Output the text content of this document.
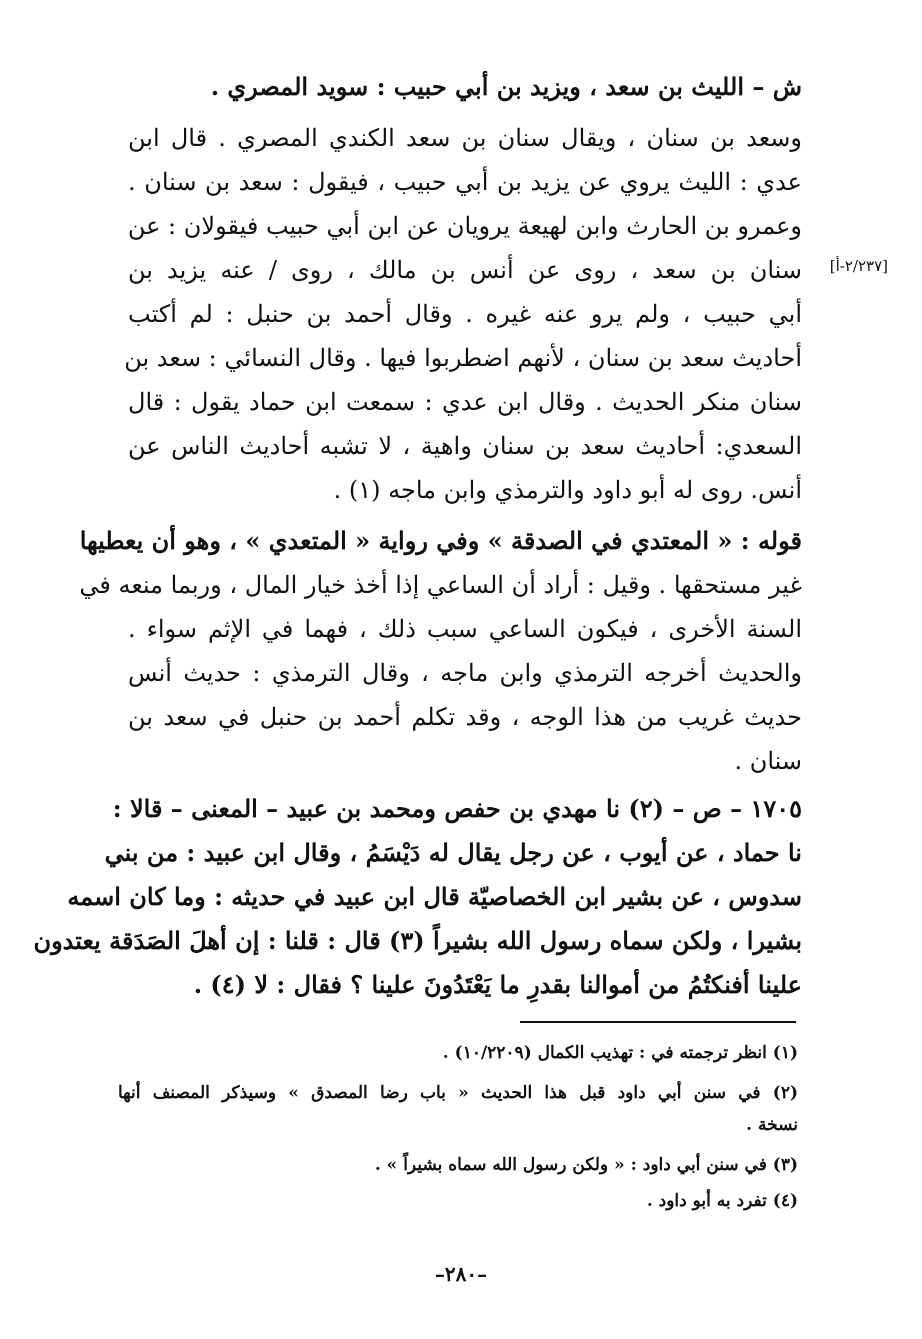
ش – الليث بن سعد ، ويزيد بن أبي حبيب : سويد المصري .
وسعد بن سنان ، ويقال سنان بن سعد الكندي المصري . قال ابن
عدي : الليث يروي عن يزيد بن أبي حبيب ، فيقول : سعد بن سنان .
وعمرو بن الحارث وابن لهيعة يرويان عن ابن أبي حبيب فيقولان : عن
سنان بن سعد ، روى عن أنس بن مالك ، روى / عنه يزيد بن
أبي حبيب ، ولم يرو عنه غيره . وقال أحمد بن حنبل : لم أكتب
أحاديث سعد بن سنان ، لأنهم اضطربوا فيها . وقال النسائي : سعد بن
سنان منكر الحديث . وقال ابن عدي : سمعت ابن حماد يقول : قال
السعدي: أحاديث سعد بن سنان واهية ، لا تشبه أحاديث الناس عن
أنس. روى له أبو داود والترمذي وابن ماجه (١) .
قوله : « المعتدي في الصدقة » وفي رواية « المتعدي » ، وهو أن يعطيها
غير مستحقها . وقيل : أراد أن الساعي إذا أخذ خيار المال ، وربما منعه في
السنة الأخرى ، فيكون الساعي سبب ذلك ، فهما في الإثم سواء .
والحديث أخرجه الترمذي وابن ماجه ، وقال الترمذي : حديث أنس
حديث غريب من هذا الوجه ، وقد تكلم أحمد بن حنبل في سعد بن
سنان .
١٧٠٥ – ص – (٢) نا مهدي بن حفص ومحمد بن عبيد – المعنى – قالا :
نا حماد ، عن أيوب ، عن رجل يقال له دَيْسَمُ ، وقال ابن عبيد : من بني
سدوس ، عن بشير ابن الخصاصيّة قال ابن عبيد في حديثه : وما كان اسمه
بشيرا ، ولكن سماه رسول الله بشيراً (٣) قال : قلنا : إن أهلَ الصَدَقة يعتدون
علينا أفنكتُمُ من أموالنا بقدرِ ما يَعْتَدُونَ علينا ؟ فقال : لا (٤) .
[٢/٢٣٧-أ]
(١) انظر ترجمته في : تهذيب الكمال (١٠/٢٢٠٩) .
(٢) في سنن أبي داود قبل هذا الحديث « باب رضا المصدق » وسيذكر المصنف أنها
نسخة .
(٣) في سنن أبي داود : « ولكن رسول الله سماه بشيراً » .
(٤) تفرد به أبو داود .
–٢٨٠–
